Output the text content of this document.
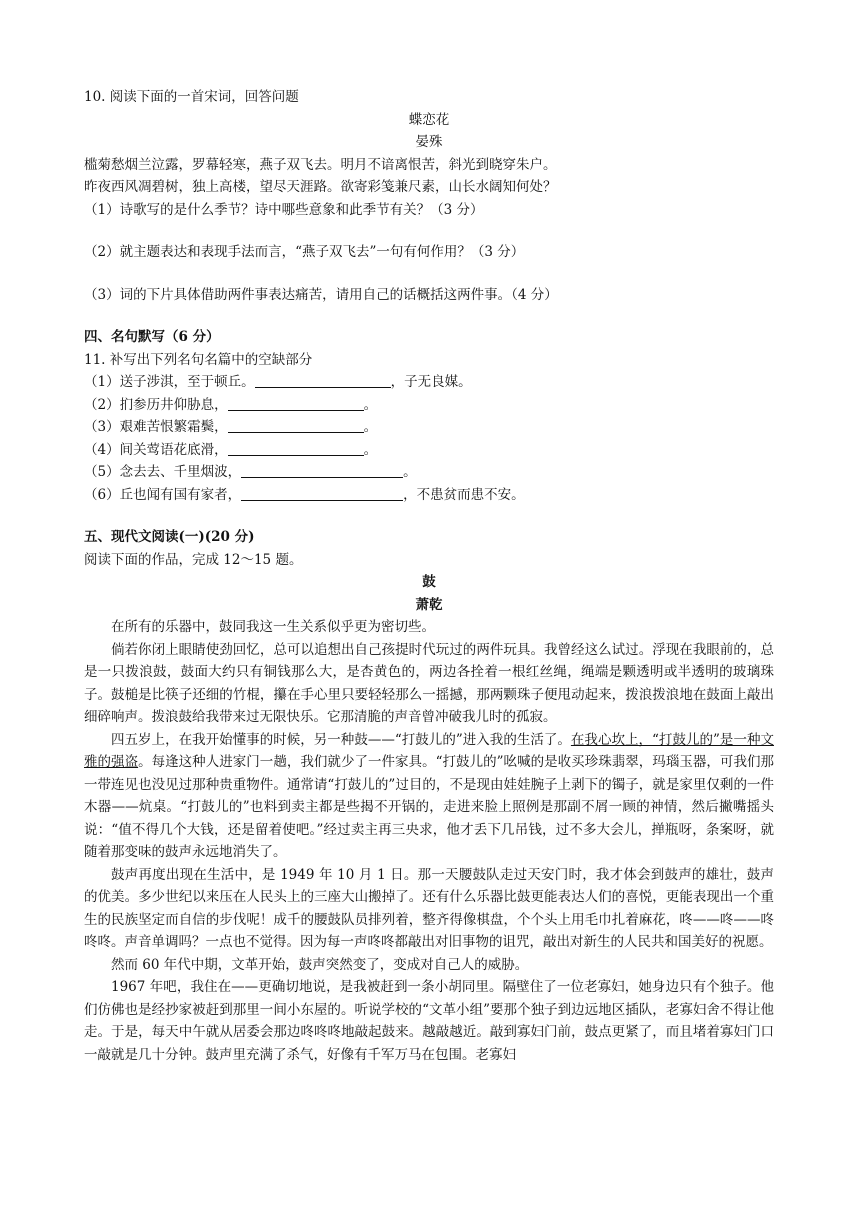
10. 阅读下面的一首宋词，回答问题
蝶恋花
晏殊
槛菊愁烟兰泣露，罗幕轻寒，燕子双飞去。明月不谙离恨苦，斜光到晓穿朱户。
昨夜西风凋碧树，独上高楼，望尽天涯路。欲寄彩笺兼尺素，山长水阔知何处？
（1）诗歌写的是什么季节？诗中哪些意象和此季节有关？（3 分）
（2）就主题表达和表现手法而言，“燕子双飞去”一句有何作用？（3 分）
（3）词的下片具体借助两件事表达痛苦，请用自己的话概括这两件事。（4 分）
四、名句默写（6 分）
11. 补写出下列名句名篇中的空缺部分
（1）送子涉淇，至于顿丘。	，子无良媒。
（2）扪参历井仰胁息，	。
（3）艰难苦恨繁霜鬓，	。
（4）间关莺语花底滑，	。
（5）念去去、千里烟波，	。
（6）丘也闻有国有家者，	，不患贫而患不安。
五、现代文阅读(一)(20 分)
阅读下面的作品，完成 12～15 题。
鼓
萧乾
在所有的乐器中，鼓同我这一生关系似乎更为密切些。
倘若你闭上眼睛使劲回忆，总可以追想出自己孩提时代玩过的两件玩具。我曾经这么试过。浮现在我眼前的，总是一只拨浪鼓，鼓面大约只有铜钱那么大，是杏黄色的，两边各拴着一根红丝绳，绳端是颗透明或半透明的玻璃珠子。鼓槌是比筷子还细的竹棍，攥在手心里只要轻轻那么一摇撼，那两颗珠子便甩动起来，拨浪拨浪地在鼓面上敲出细碎响声。拨浪鼓给我带来过无限快乐。它那清脆的声音曾冲破我儿时的孤寂。
四五岁上，在我开始懂事的时候，另一种鼓——“打鼓儿的”进入我的生活了。在我心坎上，“打鼓儿的”是一种文雅的强盗。每逢这种人进家门一趟，我们就少了一件家具。“打鼓儿的”吆喊的是收买珍珠翡翠，玛瑙玉器，可我们那一带连见也没见过那种贵重物件。通常请“打鼓儿的”过目的，不是现由娃娃腕子上剥下的镯子，就是家里仅剩的一件木器——炕桌。“打鼓儿的”也料到卖主都是些揭不开锅的，走进来脸上照例是那副不屑一顾的神情，然后撇嘴摇头说：“值不得几个大钱，还是留着使吧。”经过卖主再三央求，他才丢下几吊钱，过不多大会儿，掸瓶呀，条案呀，就随着那变味的鼓声永远地消失了。
鼓声再度出现在生活中，是 1949 年 10 月 1 日。那一天腰鼓队走过天安门时，我才体会到鼓声的雄壮，鼓声的优美。多少世纪以来压在人民头上的三座大山搬掉了。还有什么乐器比鼓更能表达人们的喜悦，更能表现出一个重生的民族坚定而自信的步伐呢！成千的腰鼓队员排列着，整齐得像棋盘，个个头上用毛巾扎着麻花，咚——咚——咚咚咚。声音单调吗？一点也不觉得。因为每一声咚咚都敲出对旧事物的诅咒，敲出对新生的人民共和国美好的祝愿。
然而 60 年代中期，文革开始，鼓声突然变了，变成对自己人的威胁。
1967 年吧，我住在——更确切地说，是我被赶到一条小胡同里。隔壁住了一位老寡妇，她身边只有个独子。他们仿佛也是经抄家被赶到那里一间小东屋的。听说学校的“文革小组”要那个独子到边远地区插队，老寡妇舍不得让他走。于是，每天中午就从居委会那边咚咚咚地敲起鼓来。越敲越近。敲到寡妇门前，鼓点更紧了，而且堵着寡妇门口一敲就是几十分钟。鼓声里充满了杀气，好像有千军万马在包围。老寡妇
